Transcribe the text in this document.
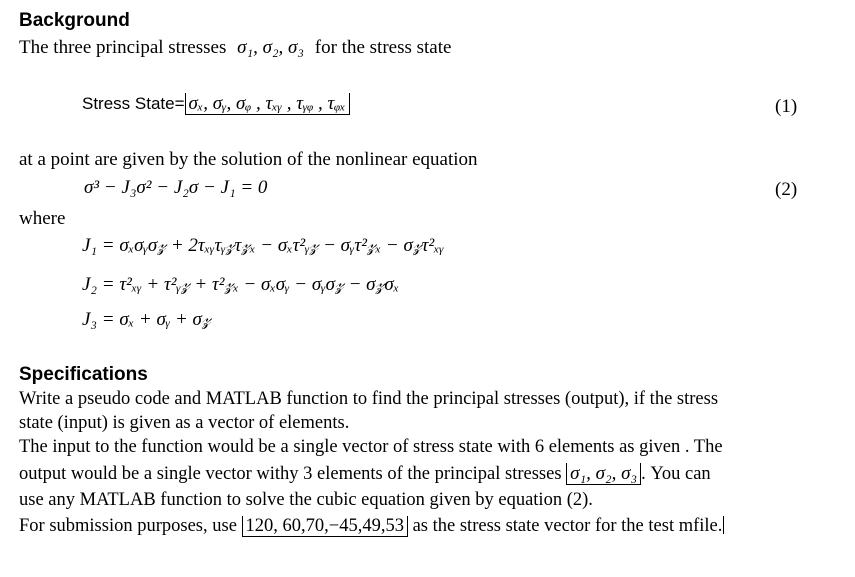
Background
The three principal stresses σ₁, σ₂, σ₃ for the stress state
Stress State= σₓ, σᵧ, σᵩ , τₓᵧ , τᵧᵩ , τᵩₓ	(1)
at a point are given by the solution of the nonlinear equation
σ³ − J₃σ² − J₂σ − J₁ = 0	(2)
where
J₁ = σₓσᵧσ𝓏 + 2τₓᵧτᵧ𝓏τ𝓏ₓ − σₓτ²ᵧ𝓏 − σᵧτ²𝓏ₓ − σ𝓏τ²ₓᵧ
J₂ = τ²ₓᵧ + τ²ᵧ𝓏 + τ²𝓏ₓ − σₓσᵧ − σᵧσ𝓏 − σ𝓏σₓ
J₃ = σₓ + σᵧ + σ𝓏
Specifications
Write a pseudo code and MATLAB function to find the principal stresses (output), if the stress
state (input) is given as a vector of elements.
The input to the function would be a single vector of stress state with 6 elements as given . The
output would be a single vector withy 3 elements of the principal stresses σ₁, σ₂, σ₃ . You can
use any MATLAB function to solve the cubic equation given by equation (2).
For submission purposes, use 120, 60,70,−45,49,53 as the stress state vector for the test mfile.
